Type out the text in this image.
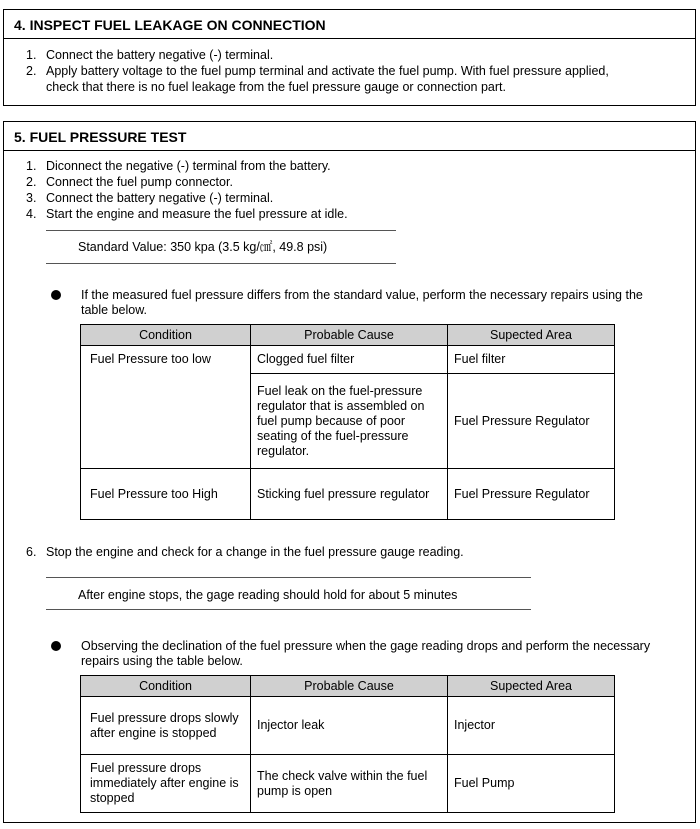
4. INSPECT FUEL LEAKAGE ON CONNECTION
1. Connect the battery negative (-) terminal.
2. Apply battery voltage to the fuel pump terminal and activate the fuel pump. With fuel pressure applied, check that there is no fuel leakage from the fuel pressure gauge or connection part.
5. FUEL PRESSURE TEST
1. Diconnect the negative (-) terminal from the battery.
2. Connect the fuel pump connector.
3. Connect the battery negative (-) terminal.
4. Start the engine and measure the fuel pressure at idle.
Standard Value: 350 kpa (3.5 kg/㎠, 49.8 psi)
If the measured fuel pressure differs from the standard value, perform the necessary repairs using the table below.
Condition	Probable Cause	Supected Area
Fuel Pressure too low	Clogged fuel filter	Fuel filter
	Fuel leak on the fuel-pressure regulator that is assembled on fuel pump because of poor seating of the fuel-pressure regulator.	Fuel Pressure Regulator
Fuel Pressure too High	Sticking fuel pressure regulator	Fuel Pressure Regulator
6. Stop the engine and check for a change in the fuel pressure gauge reading.
After engine stops, the gage reading should hold for about 5 minutes
Observing the declination of the fuel pressure when the gage reading drops and perform the necessary repairs using the table below.
Condition	Probable Cause	Supected Area
Fuel pressure drops slowly after engine is stopped	Injector leak	Injector
Fuel pressure drops immediately after engine is stopped	The check valve within the fuel pump is open	Fuel Pump
